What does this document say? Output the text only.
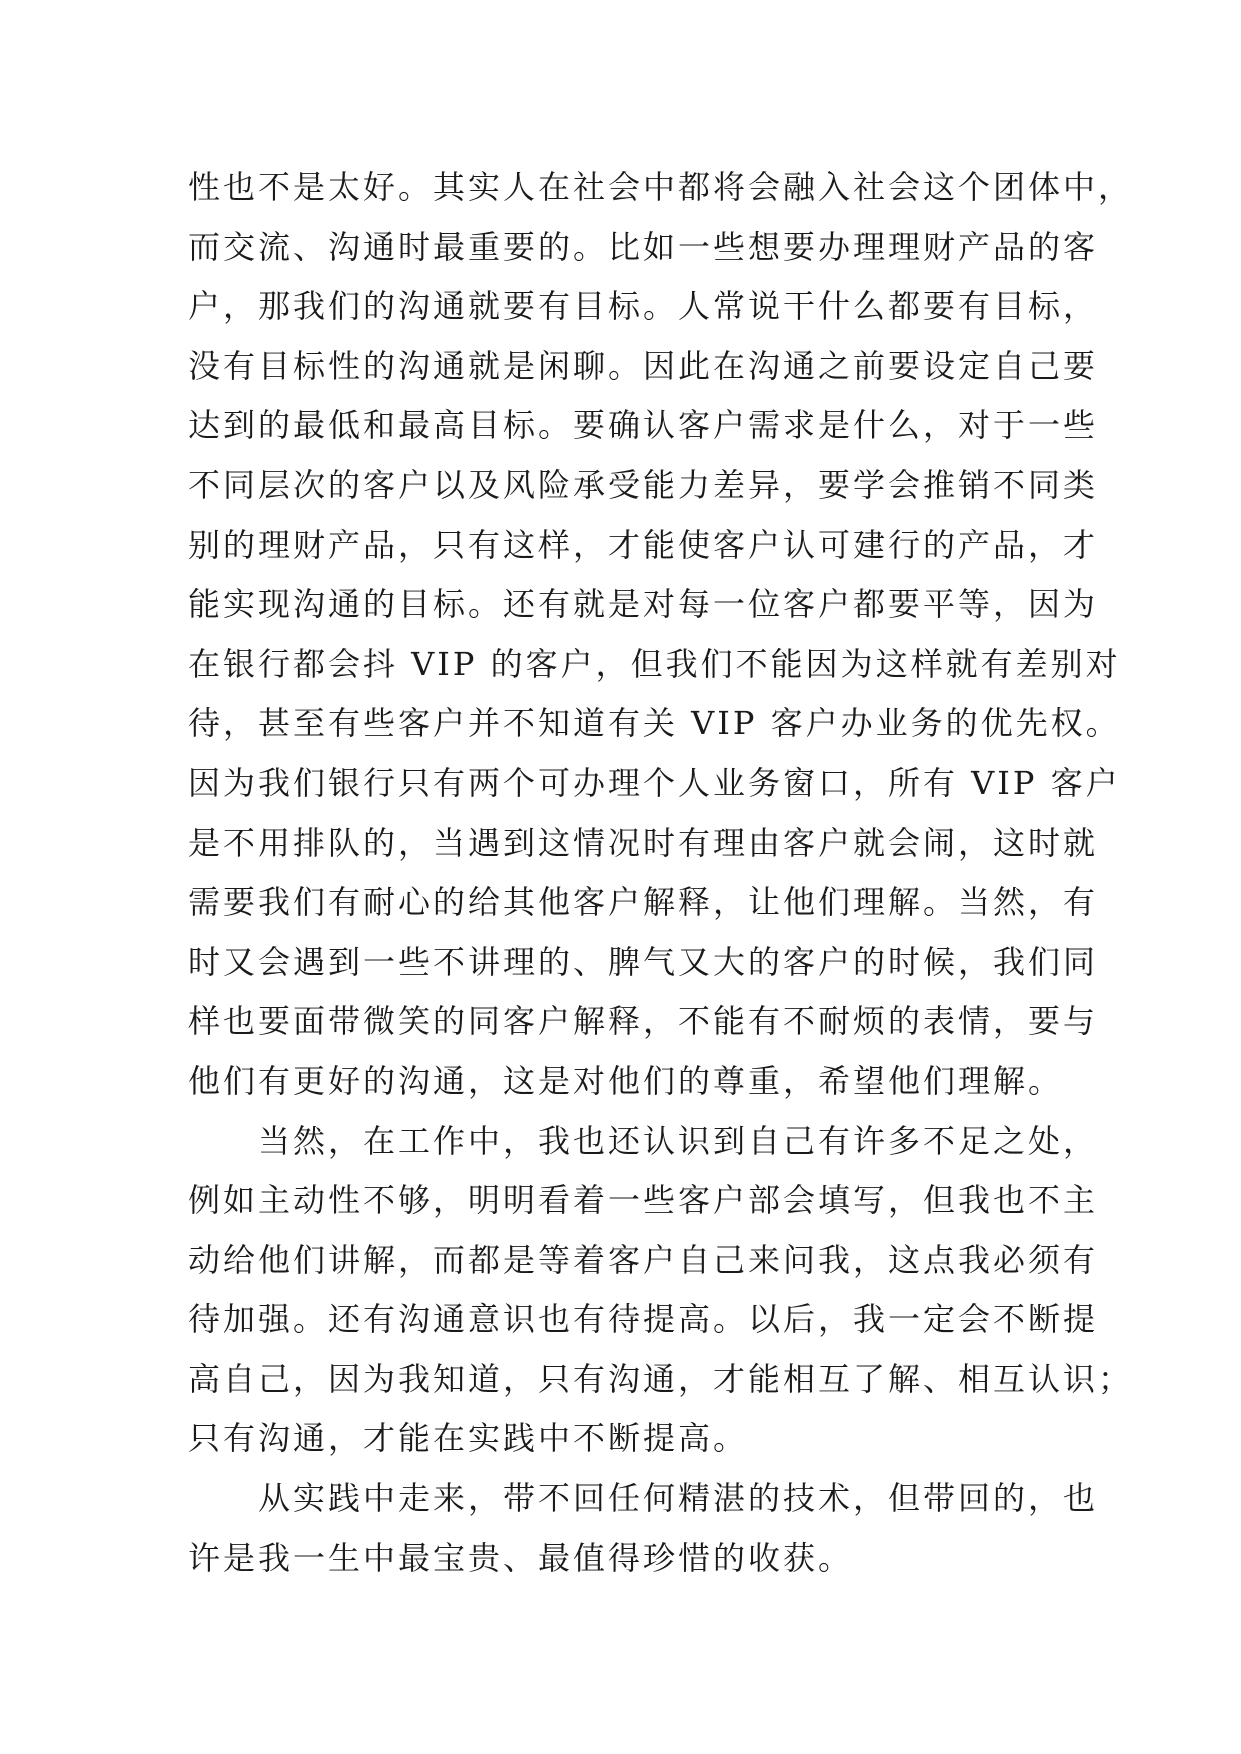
性也不是太好。其实人在社会中都将会融入社会这个团体中，
而交流、沟通时最重要的。比如一些想要办理理财产品的客
户，那我们的沟通就要有目标。人常说干什么都要有目标，
没有目标性的沟通就是闲聊。因此在沟通之前要设定自己要
达到的最低和最高目标。要确认客户需求是什么，对于一些
不同层次的客户以及风险承受能力差异，要学会推销不同类
别的理财产品，只有这样，才能使客户认可建行的产品，才
能实现沟通的目标。还有就是对每一位客户都要平等，因为
在银行都会抖 VIP 的客户，但我们不能因为这样就有差别对
待，甚至有些客户并不知道有关 VIP 客户办业务的优先权。
因为我们银行只有两个可办理个人业务窗口，所有 VIP 客户
是不用排队的，当遇到这情况时有理由客户就会闹，这时就
需要我们有耐心的给其他客户解释，让他们理解。当然，有
时又会遇到一些不讲理的、脾气又大的客户的时候，我们同
样也要面带微笑的同客户解释，不能有不耐烦的表情，要与
他们有更好的沟通，这是对他们的尊重，希望他们理解。
当然，在工作中，我也还认识到自己有许多不足之处，
例如主动性不够，明明看着一些客户部会填写，但我也不主
动给他们讲解，而都是等着客户自己来问我，这点我必须有
待加强。还有沟通意识也有待提高。以后，我一定会不断提
高自己，因为我知道，只有沟通，才能相互了解、相互认识；
只有沟通，才能在实践中不断提高。
从实践中走来，带不回任何精湛的技术，但带回的，也
许是我一生中最宝贵、最值得珍惜的收获。
